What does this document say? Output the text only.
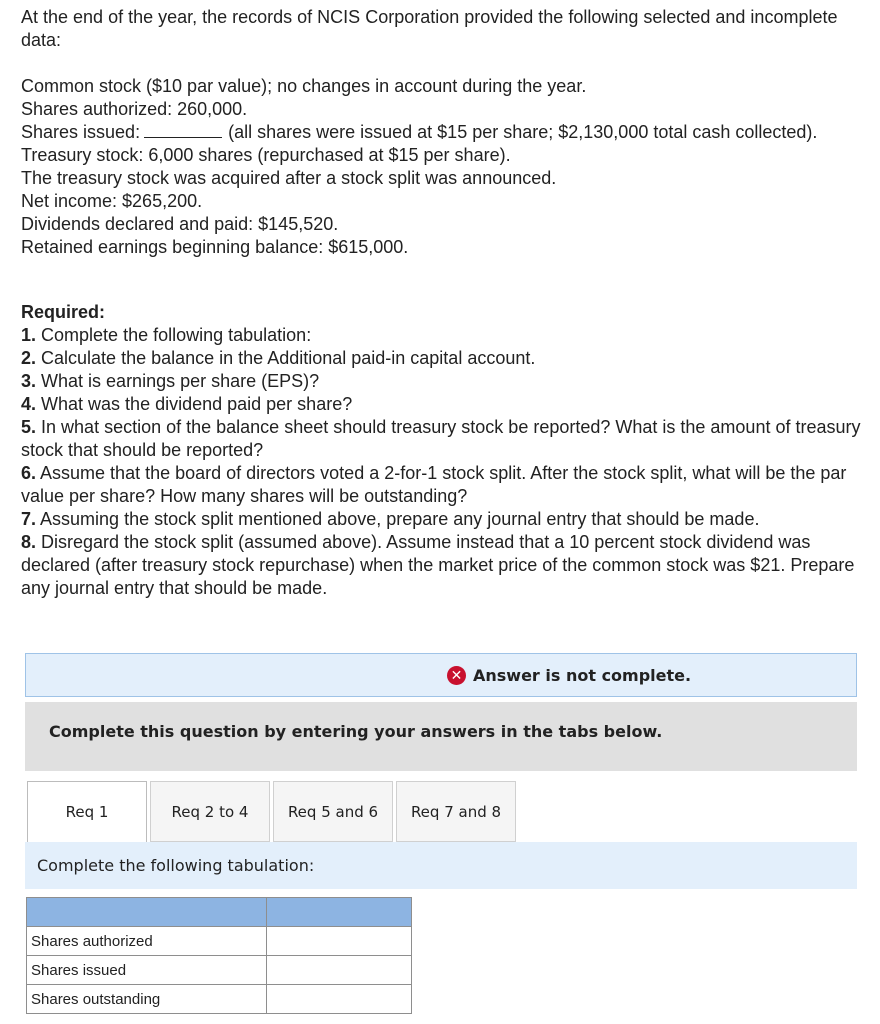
At the end of the year, the records of NCIS Corporation provided the following selected and incomplete data:

Common stock ($10 par value); no changes in account during the year.

Shares authorized: 260,000.

Shares issued:	(all shares were issued at $15 per share; $2,130,000 total cash collected).

Treasury stock: 6,000 shares (repurchased at $15 per share).

The treasury stock was acquired after a stock split was announced.

Net income: $265,200.

Dividends declared and paid: $145,520.

Retained earnings beginning balance: $615,000.

Required:
1. Complete the following tabulation:
2. Calculate the balance in the Additional paid-in capital account.
3. What is earnings per share (EPS)?
4. What was the dividend paid per share?
5. In what section of the balance sheet should treasury stock be reported? What is the amount of treasury stock that should be reported?
6. Assume that the board of directors voted a 2-for-1 stock split. After the stock split, what will be the par value per share? How many shares will be outstanding?
7. Assuming the stock split mentioned above, prepare any journal entry that should be made.
8. Disregard the stock split (assumed above). Assume instead that a 10 percent stock dividend was declared (after treasury stock repurchase) when the market price of the common stock was $21. Prepare any journal entry that should be made.
✕ Answer is not complete.
Complete this question by entering your answers in the tabs below.
Req 1	Req 2 to 4	Req 5 and 6	Req 7 and 8
Complete the following tabulation:

Shares authorized	
Shares issued	
Shares outstanding	
